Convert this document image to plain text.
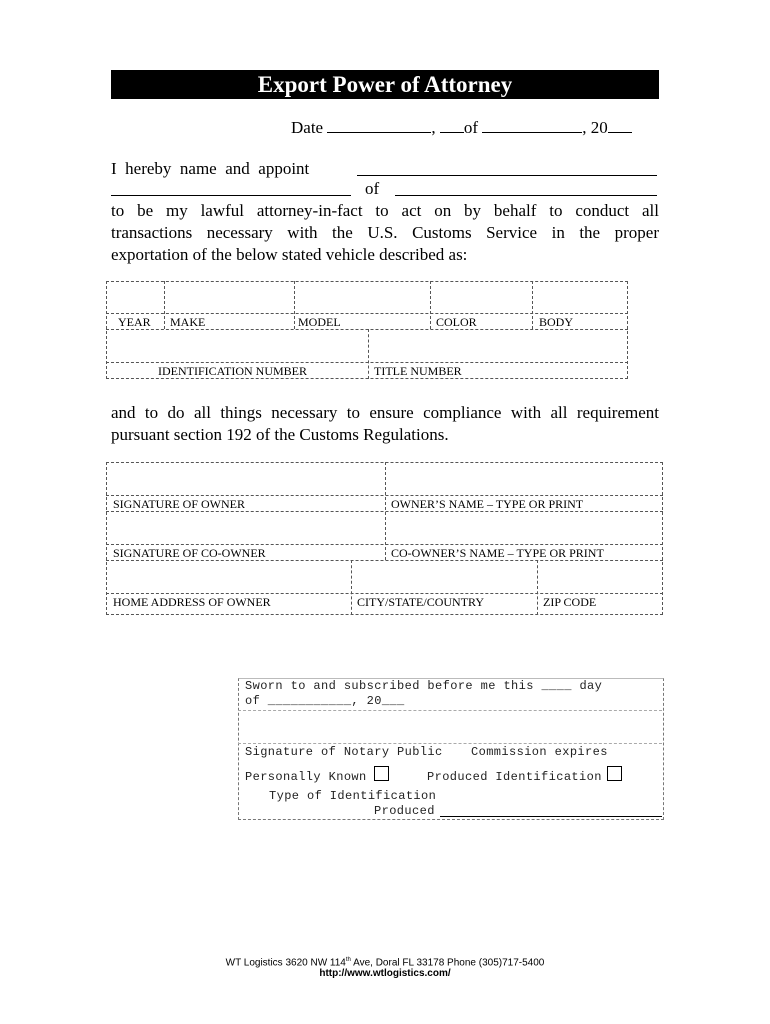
Export Power of Attorney
Date	, of	, 20
I  hereby  name  and  appoint
of
to be my lawful attorney-in-fact to act on by behalf to conduct all
transactions necessary with the U.S. Customs Service in the proper
exportation of the below stated vehicle described as:
YEAR MAKE	MODEL	COLOR	BODY
IDENTIFICATION NUMBER	TITLE NUMBER
and to do all things necessary to ensure compliance with all requirement
pursuant section 192 of the Customs Regulations.
SIGNATURE OF OWNER	OWNER’S NAME – TYPE OR PRINT
SIGNATURE OF CO-OWNER	CO-OWNER’S NAME – TYPE OR PRINT
HOME ADDRESS OF OWNER	CITY/STATE/COUNTRY	ZIP CODE
Sworn to and subscribed before me this ____ day
of ___________, 20___
Signature of Notary Public Commission expires
Personally Known	Produced Identification
Type of Identification
Produced
WT Logistics 3620 NW 114th Ave, Doral FL 33178 Phone (305)717-5400
http://www.wtlogistics.com/
